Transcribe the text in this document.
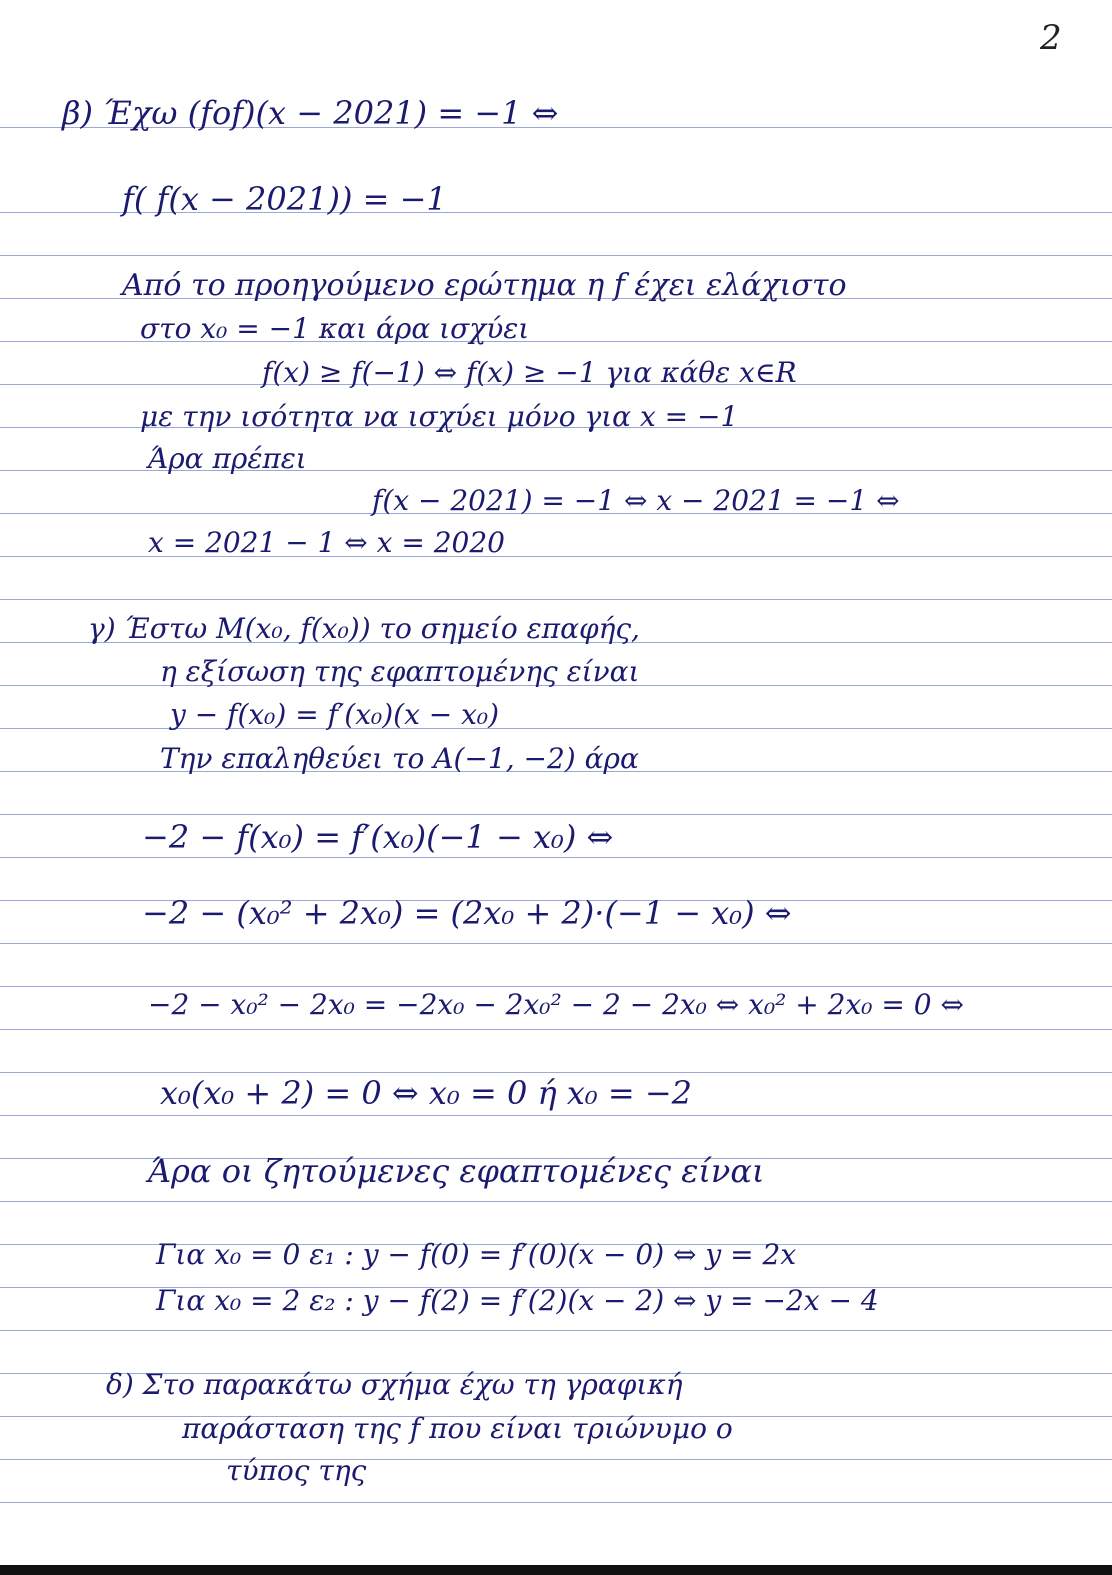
2
β) Έχω (fof)(x − 2021) = −1 ⇔
f( f(x − 2021)) = −1
Από το προηγούμενο ερώτημα η f έχει ελάχιστο
στο x₀ = −1 και άρα ισχύει
f(x) ≥ f(−1) ⇔ f(x) ≥ −1 για κάθε x∈R
με την ισότητα να ισχύει μόνο για x = −1
Άρα πρέπει
f(x − 2021) = −1 ⇔ x − 2021 = −1 ⇔
x = 2021 − 1 ⇔ x = 2020
γ) Έστω M(x₀, f(x₀)) το σημείο επαφής,
η εξίσωση της εφαπτομένης είναι
y − f(x₀) = f′(x₀)(x − x₀)
Την επαληθεύει το A(−1, −2) άρα
−2 − f(x₀) = f′(x₀)(−1 − x₀) ⇔
−2 − (x₀² + 2x₀) = (2x₀ + 2)·(−1 − x₀) ⇔
−2 − x₀² − 2x₀ = −2x₀ − 2x₀² − 2 − 2x₀ ⇔ x₀² + 2x₀ = 0 ⇔
x₀(x₀ + 2) = 0 ⇔ x₀ = 0 ή x₀ = −2
Άρα οι ζητούμενες εφαπτομένες είναι
Για x₀ = 0 ε₁ : y − f(0) = f′(0)(x − 0) ⇔ y = 2x
Για x₀ = 2 ε₂ : y − f(2) = f′(2)(x − 2) ⇔ y = −2x − 4
δ) Στο παρακάτω σχήμα έχω τη γραφική
παράσταση της f που είναι τριώνυμο ο
τύπος της
